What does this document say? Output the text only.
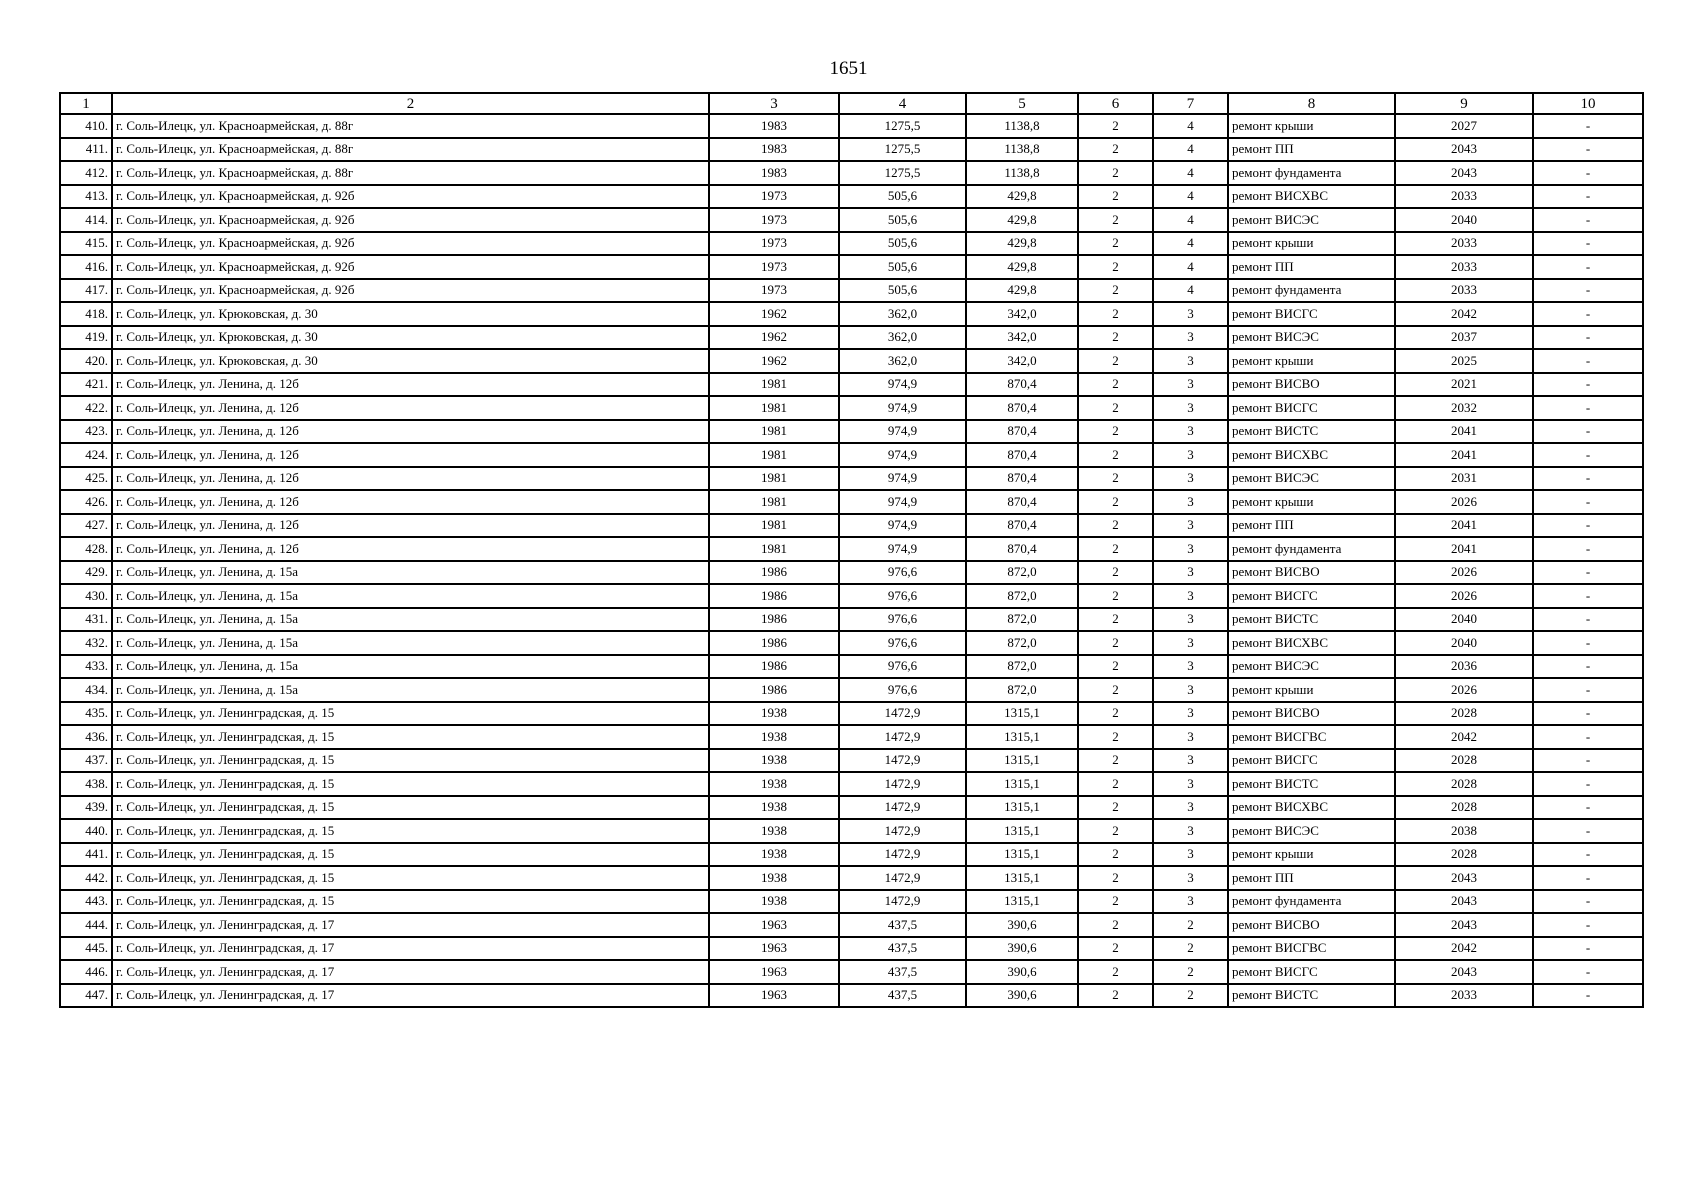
1651
1	2	3	4	5	6	7	8	9	10
410.	г. Соль-Илецк, ул. Красноармейская, д. 88г	1983	1275,5	1138,8	2	4	ремонт крыши	2027	-
411.	г. Соль-Илецк, ул. Красноармейская, д. 88г	1983	1275,5	1138,8	2	4	ремонт ПП	2043	-
412.	г. Соль-Илецк, ул. Красноармейская, д. 88г	1983	1275,5	1138,8	2	4	ремонт фундамента	2043	-
413.	г. Соль-Илецк, ул. Красноармейская, д. 92б	1973	505,6	429,8	2	4	ремонт ВИСХВС	2033	-
414.	г. Соль-Илецк, ул. Красноармейская, д. 92б	1973	505,6	429,8	2	4	ремонт ВИСЭС	2040	-
415.	г. Соль-Илецк, ул. Красноармейская, д. 92б	1973	505,6	429,8	2	4	ремонт крыши	2033	-
416.	г. Соль-Илецк, ул. Красноармейская, д. 92б	1973	505,6	429,8	2	4	ремонт ПП	2033	-
417.	г. Соль-Илецк, ул. Красноармейская, д. 92б	1973	505,6	429,8	2	4	ремонт фундамента	2033	-
418.	г. Соль-Илецк, ул. Крюковская, д. 30	1962	362,0	342,0	2	3	ремонт ВИСГС	2042	-
419.	г. Соль-Илецк, ул. Крюковская, д. 30	1962	362,0	342,0	2	3	ремонт ВИСЭС	2037	-
420.	г. Соль-Илецк, ул. Крюковская, д. 30	1962	362,0	342,0	2	3	ремонт крыши	2025	-
421.	г. Соль-Илецк, ул. Ленина, д. 12б	1981	974,9	870,4	2	3	ремонт ВИСВО	2021	-
422.	г. Соль-Илецк, ул. Ленина, д. 12б	1981	974,9	870,4	2	3	ремонт ВИСГС	2032	-
423.	г. Соль-Илецк, ул. Ленина, д. 12б	1981	974,9	870,4	2	3	ремонт ВИСТС	2041	-
424.	г. Соль-Илецк, ул. Ленина, д. 12б	1981	974,9	870,4	2	3	ремонт ВИСХВС	2041	-
425.	г. Соль-Илецк, ул. Ленина, д. 12б	1981	974,9	870,4	2	3	ремонт ВИСЭС	2031	-
426.	г. Соль-Илецк, ул. Ленина, д. 12б	1981	974,9	870,4	2	3	ремонт крыши	2026	-
427.	г. Соль-Илецк, ул. Ленина, д. 12б	1981	974,9	870,4	2	3	ремонт ПП	2041	-
428.	г. Соль-Илецк, ул. Ленина, д. 12б	1981	974,9	870,4	2	3	ремонт фундамента	2041	-
429.	г. Соль-Илецк, ул. Ленина, д. 15а	1986	976,6	872,0	2	3	ремонт ВИСВО	2026	-
430.	г. Соль-Илецк, ул. Ленина, д. 15а	1986	976,6	872,0	2	3	ремонт ВИСГС	2026	-
431.	г. Соль-Илецк, ул. Ленина, д. 15а	1986	976,6	872,0	2	3	ремонт ВИСТС	2040	-
432.	г. Соль-Илецк, ул. Ленина, д. 15а	1986	976,6	872,0	2	3	ремонт ВИСХВС	2040	-
433.	г. Соль-Илецк, ул. Ленина, д. 15а	1986	976,6	872,0	2	3	ремонт ВИСЭС	2036	-
434.	г. Соль-Илецк, ул. Ленина, д. 15а	1986	976,6	872,0	2	3	ремонт крыши	2026	-
435.	г. Соль-Илецк, ул. Ленинградская, д. 15	1938	1472,9	1315,1	2	3	ремонт ВИСВО	2028	-
436.	г. Соль-Илецк, ул. Ленинградская, д. 15	1938	1472,9	1315,1	2	3	ремонт ВИСГВС	2042	-
437.	г. Соль-Илецк, ул. Ленинградская, д. 15	1938	1472,9	1315,1	2	3	ремонт ВИСГС	2028	-
438.	г. Соль-Илецк, ул. Ленинградская, д. 15	1938	1472,9	1315,1	2	3	ремонт ВИСТС	2028	-
439.	г. Соль-Илецк, ул. Ленинградская, д. 15	1938	1472,9	1315,1	2	3	ремонт ВИСХВС	2028	-
440.	г. Соль-Илецк, ул. Ленинградская, д. 15	1938	1472,9	1315,1	2	3	ремонт ВИСЭС	2038	-
441.	г. Соль-Илецк, ул. Ленинградская, д. 15	1938	1472,9	1315,1	2	3	ремонт крыши	2028	-
442.	г. Соль-Илецк, ул. Ленинградская, д. 15	1938	1472,9	1315,1	2	3	ремонт ПП	2043	-
443.	г. Соль-Илецк, ул. Ленинградская, д. 15	1938	1472,9	1315,1	2	3	ремонт фундамента	2043	-
444.	г. Соль-Илецк, ул. Ленинградская, д. 17	1963	437,5	390,6	2	2	ремонт ВИСВО	2043	-
445.	г. Соль-Илецк, ул. Ленинградская, д. 17	1963	437,5	390,6	2	2	ремонт ВИСГВС	2042	-
446.	г. Соль-Илецк, ул. Ленинградская, д. 17	1963	437,5	390,6	2	2	ремонт ВИСГС	2043	-
447.	г. Соль-Илецк, ул. Ленинградская, д. 17	1963	437,5	390,6	2	2	ремонт ВИСТС	2033	-
